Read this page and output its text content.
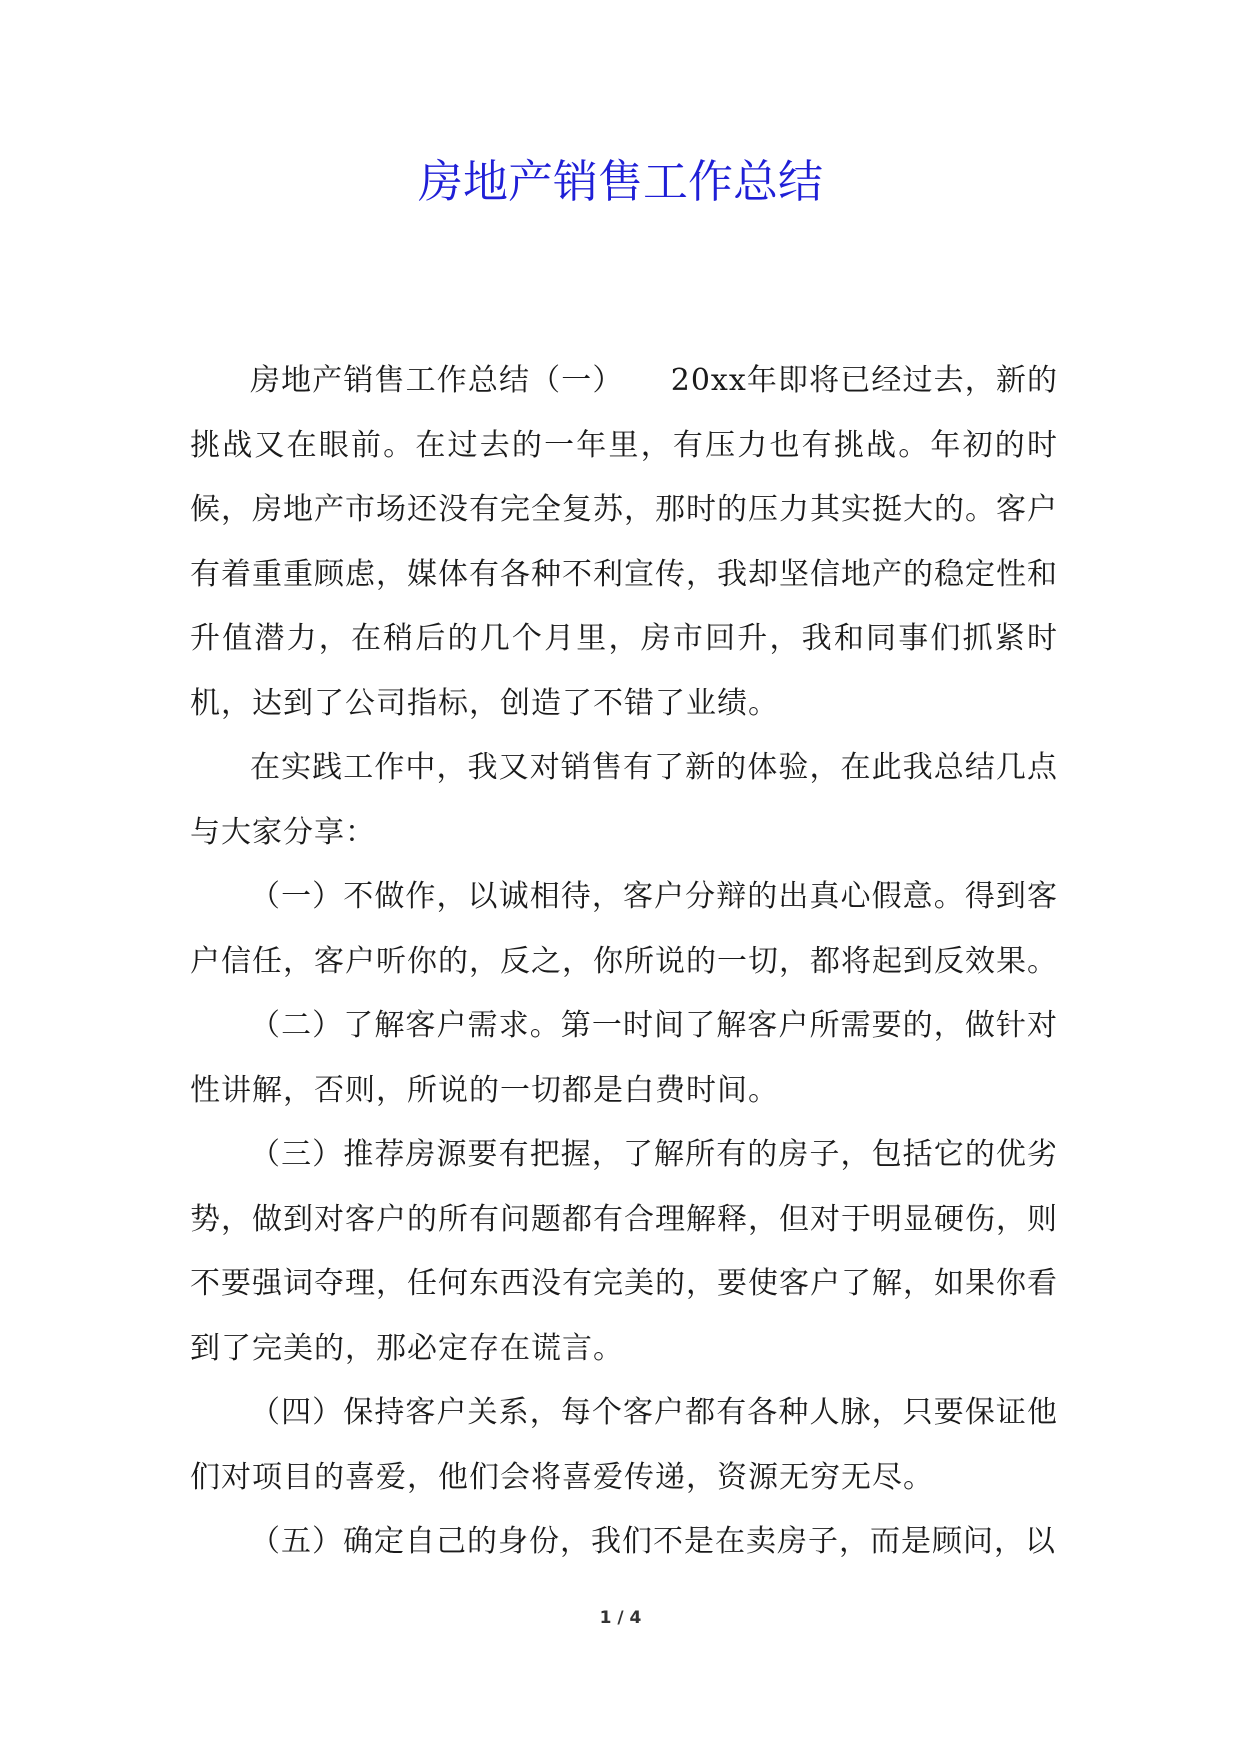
房地产销售工作总结

房地产销售工作总结（一）　　20xx年即将已经过去，新的挑战又在眼前。在过去的一年里，有压力也有挑战。年初的时候，房地产市场还没有完全复苏，那时的压力其实挺大的。客户有着重重顾虑，媒体有各种不利宣传，我却坚信地产的稳定性和升值潜力，在稍后的几个月里，房市回升，我和同事们抓紧时机，达到了公司指标，创造了不错了业绩。

在实践工作中，我又对销售有了新的体验，在此我总结几点与大家分享：

（一）不做作，以诚相待，客户分辩的出真心假意。得到客户信任，客户听你的，反之，你所说的一切，都将起到反效果。

（二）了解客户需求。第一时间了解客户所需要的，做针对性讲解，否则，所说的一切都是白费时间。

（三）推荐房源要有把握，了解所有的房子，包括它的优劣势，做到对客户的所有问题都有合理解释，但对于明显硬伤，则不要强词夺理，任何东西没有完美的，要使客户了解，如果你看到了完美的，那必定存在谎言。

（四）保持客户关系，每个客户都有各种人脉，只要保证他们对项目的喜爱，他们会将喜爱传递，资源无穷无尽。

（五）确定自己的身份，我们不是在卖房子，而是顾问，以

1 / 4
